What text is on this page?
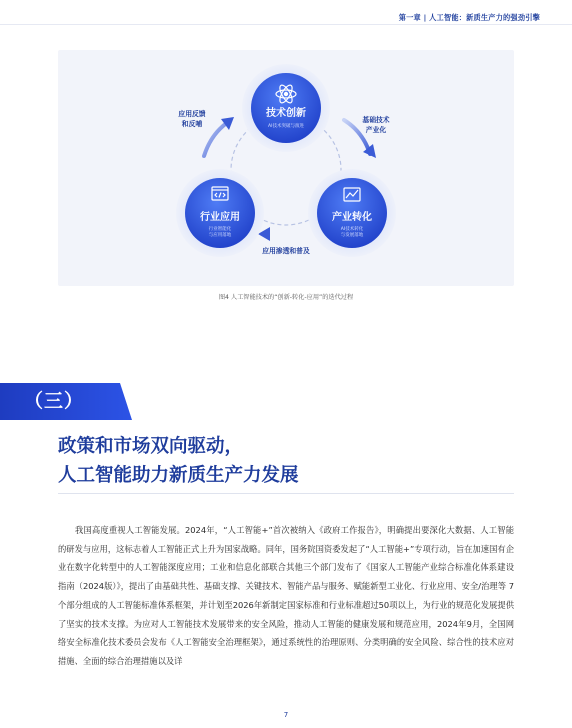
第一章 | 人工智能：新质生产力的强劲引擎
技术创新
AI技术突破与演进
产业转化
AI技术转化
与发展落地
行业应用
行业智能化
与应用落地
应用反馈
和反哺	基础技术
产业化
应用渗透和普及
图4 人工智能技术的“创新-转化-应用”的迭代过程
（三）
政策和市场双向驱动，
人工智能助力新质生产力发展

我国高度重视人工智能发展。2024年，“人工智能+”首次被纳入《政府工作报告》，明确提出要深化大数据、人工智能的研发与应用，这标志着人工智能正式上升为国家战略。同年，国务院国资委发起了“人工智能+”专项行动，旨在加速国有企业在数字化转型中的人工智能深度应用；工业和信息化部联合其他三个部门发布了《国家人工智能产业综合标准化体系建设指南（2024版）》，提出了由基础共性、基础支撑、关键技术、智能产品与服务、赋能新型工业化、行业应用、安全/治理等 7 个部分组成的人工智能标准体系框架，并计划至2026年新制定国家标准和行业标准超过50项以上，为行业的规范化发展提供了坚实的技术支撑。为应对人工智能技术发展带来的安全风险，推动人工智能的健康发展和规范应用，2024年9月，全国网络安全标准化技术委员会发布《人工智能安全治理框架》，通过系统性的治理原则、分类明确的安全风险、综合性的技术应对措施、全面的综合治理措施以及详

7
